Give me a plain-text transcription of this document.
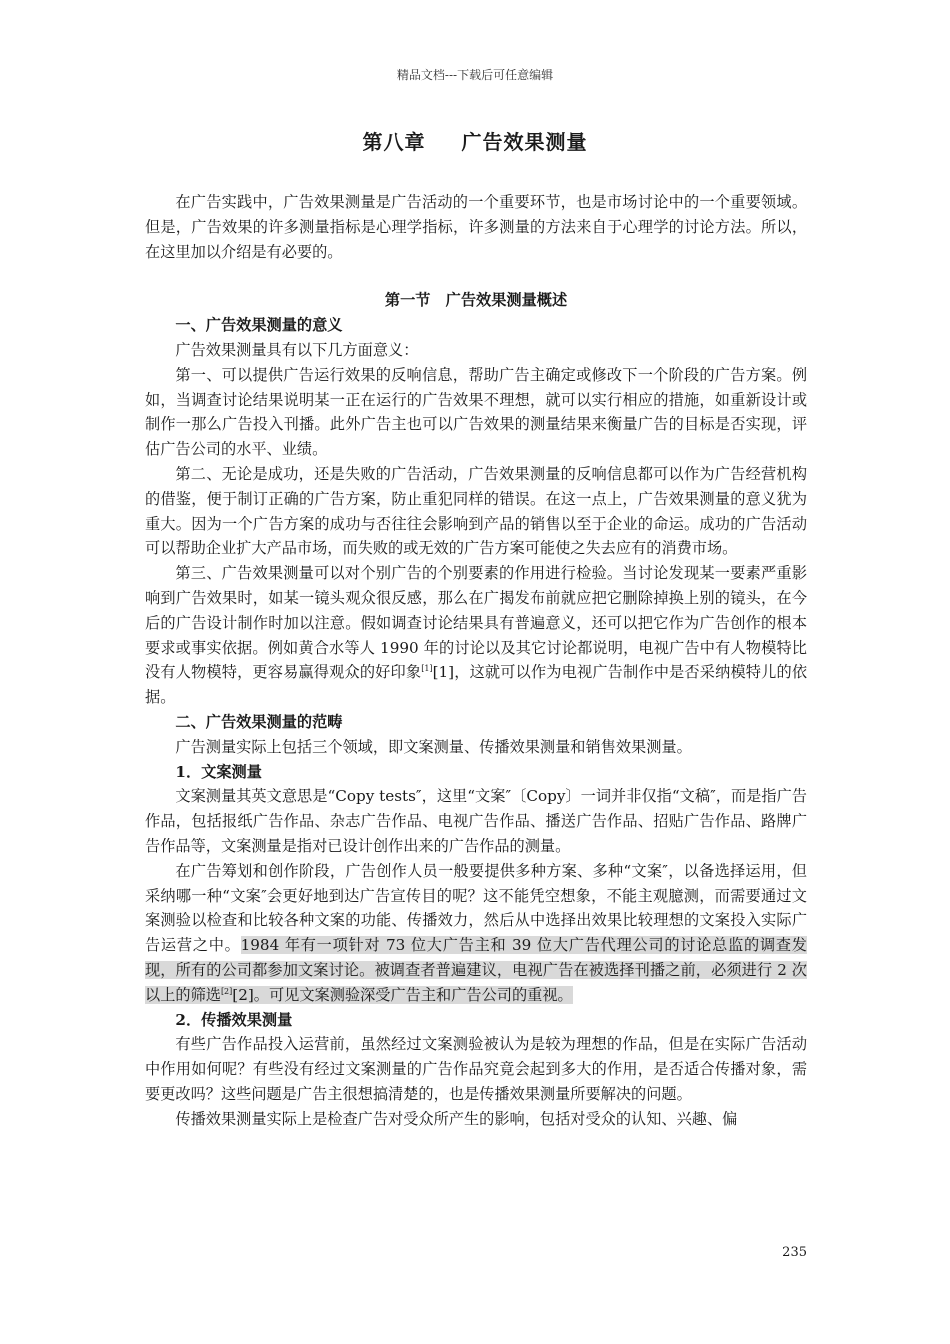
精品文档---下载后可任意编辑
第八章 广告效果测量

在广告实践中，广告效果测量是广告活动的一个重要环节，也是市场讨论中的一个重要领域。但是，广告效果的许多测量指标是心理学指标，许多测量的方法来自于心理学的讨论方法。所以，在这里加以介绍是有必要的。

第一节　广告效果测量概述

一、广告效果测量的意义

广告效果测量具有以下几方面意义：

第一、可以提供广告运行效果的反响信息，帮助广告主确定或修改下一个阶段的广告方案。例如，当调查讨论结果说明某一正在运行的广告效果不理想，就可以实行相应的措施，如重新设计或制作一那么广告投入刊播。此外广告主也可以广告效果的测量结果来衡量广告的目标是否实现，评估广告公司的水平、业绩。

第二、无论是成功，还是失败的广告活动，广告效果测量的反响信息都可以作为广告经营机构的借鉴，便于制订正确的广告方案，防止重犯同样的错误。在这一点上，广告效果测量的意义犹为重大。因为一个广告方案的成功与否往往会影响到产品的销售以至于企业的命运。成功的广告活动可以帮助企业扩大产品市场，而失败的或无效的广告方案可能使之失去应有的消费市场。

第三、广告效果测量可以对个别广告的个别要素的作用进行检验。当讨论发现某一要素严重影响到广告效果时，如某一镜头观众很反感，那么在广揭发布前就应把它删除掉换上别的镜头，在今后的广告设计制作时加以注意。假如调查讨论结果具有普遍意义，还可以把它作为广告创作的根本要求或事实依据。例如黄合水等人 1990 年的讨论以及其它讨论都说明，电视广告中有人物模特比没有人物模特，更容易赢得观众的好印象[1][1]，这就可以作为电视广告制作中是否采纳模特儿的依据。

二、广告效果测量的范畴

广告测量实际上包括三个领域，即文案测量、传播效果测量和销售效果测量。

1．文案测量

文案测量其英文意思是“Copy tests″，这里“文案″〔Copy〕一词并非仅指“文稿″，而是指广告作品，包括报纸广告作品、杂志广告作品、电视广告作品、播送广告作品、招贴广告作品、路牌广告作品等，文案测量是指对已设计创作出来的广告作品的测量。

在广告筹划和创作阶段，广告创作人员一般要提供多种方案、多种“文案″，以备选择运用，但采纳哪一种“文案″会更好地到达广告宣传目的呢？这不能凭空想象，不能主观臆测，而需要通过文案测验以检查和比较各种文案的功能、传播效力，然后从中选择出效果比较理想的文案投入实际广告运营之中。1984 年有一项针对 73 位大广告主和 39 位大广告代理公司的讨论总监的调查发现，所有的公司都参加文案讨论。被调查者普遍建议，电视广告在被选择刊播之前，必须进行 2 次以上的筛选[2][2]。可见文案测验深受广告主和广告公司的重视。

2．传播效果测量

有些广告作品投入运营前，虽然经过文案测验被认为是较为理想的作品，但是在实际广告活动中作用如何呢？有些没有经过文案测量的广告作品究竟会起到多大的作用，是否适合传播对象，需要更改吗？这些问题是广告主很想搞清楚的，也是传播效果测量所要解决的问题。

传播效果测量实际上是检查广告对受众所产生的影响，包括对受众的认知、兴趣、偏

235
